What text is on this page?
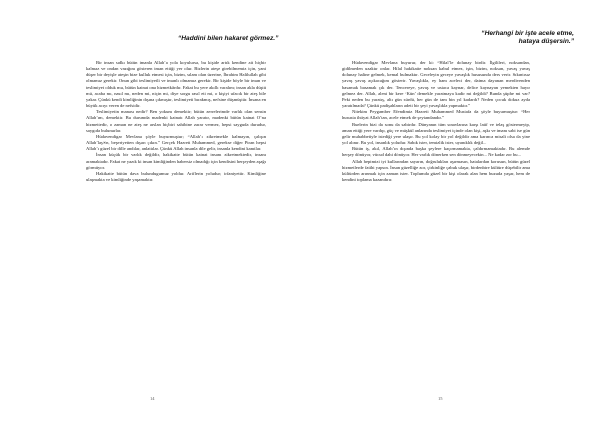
“Haddini bilen hakaret görmez.”

Bir insan sıdkı bütün imanla Allah’a yola koyulursa, bu kişide artık kendine ait hiçbir kalmaz ve ondan vazığını gösteren iman ettiği yer olur. Bizlerin ateşe girebilmemiz için, yani düşer bir deyişle ateşin bize kulluk etmesi için, bizim, sılam olan üzerine, İbrahim Halilullah gibi olmamız gerekir. Onun gibi teslimiyetli ve imanlı olmamız gerekir. Bir kişide böyle bir iman ve teslimiyet olduk mu, bütün kainat ona hizmetkârdır. Fakat bu yere akıllı varalım; insan akla düştü mü, acaba mı, nasıl mı, neden mi, niçin mi, diye sorgu rasıl eti mi, o kişiyi ufacık bir ateş bile yakar. Çünkü kendi kimliğinin dışına çıkmıştır, teslimiyeti bırakmış, nefsine düşmüştür. İnsana en büyük acıyı veren de nefsidir.

Teslimiyetin manası nedir? Ben yokum demektir; bütün zerrelerimde varlık olan sensin Allah’ım, demektir. Bu durumda madenki kainatı Allah yaratır, madenki bütün kainat O’na hizmettedir, o zaman ne ateş ne arslan hiçbiri sahibine zarar vermez, hepsi sayguda durudur, saygıda bulunurlar.

Hüdavendigar Mevlana şöyle buyurmuştur; “Allah’ı zikretmekle kalmayın, çalışın Allah’laş∞n, beşeriyetten dışarı çıkın.” Gerçek Hazreti Muhammed, gerekse diğer Piran hepsi Allah’ı güzel bir dille andılar, anlattılar. Çünkü Allah insanla dile gelir, insanla kendini kanıtlar.

İnsan küçük bir varlık değildir, hakikatte bütün kainat insanı zikretmektedir, insanı aramaktadır. Fakat ne yazık ki insan kimliğinden habersiz olmadığı için kendisini herşeyden aşağı görmüyor.

Hakikatte bütün dava bulundugumuz yoldur. Ariflerin yoludur; irfaniyettir. Kimliğine ulaşmakta ve kimliğinde yaşamaktır.

14
“Herhangi bir işte acele etme,
hataya düşersin.”

Hüdavendigar Mevlana buyurur, der ki: “Hilal’le dolunay birdir. İlgilileri, noksandan, gidilmeden uzaktır onlar. Hilal hakikatte noksan kabul etmez, işin, bizim, noksan, yavaş yavaş dolunay haline gelmek, kemal bulmaktır. Geceleyin geceye yavaşlık hususunda ders verir. Sıkıntısız yavaş yavaş açıkacağım gösterir. Yavaşlıkla, ey ham aceleci der, daima dayanan merdivenden basamak basamak çık der. Tencereye, yavaş ve ustaca kaynar, delice kaynayan yemekten hayır gelmez der. Allah, aleni bir kere ‘Kün’ demekle yaratmaya kadir mi değildi? Bunda şüphe mi var? Peki neden bu yaratış, altı gün sürdü, her gün de tam bin yıl kadardı? Neden çocuk dokuz ayda yaratılmada? Çünkü padişahların adeti bir şeyi yavaşlıkla yapmaktır.”

Nitekim Peygamber Efendimiz Hazreti Muhammed Mustafa da şöyle buyurmuştur: “Her hususta ihtiyat Allah’tan, acele etmek de şeytandandır.”

Buelerin bizi da sonu da sabirdır. Dünyanın tüm sınavlarına karşı latif ve telaş göstermeyip, aman ettiği yere vardıp, güç ve müşkül anlarında teslimiyet içinde olan kişi, aşkı ve imanı sabi ise gün gelir muhabbetiyle istediği yere ulaşır. Bu yol kolay bir yol değildir ama karınca misali olsa da yine yol alınır. Bu yol, insanlık yoludur. Sabık ister, temizlik ister, uyanıklık değil...

Bütün iş, akıl, Allah’ın dışında başka şeylere kaçırmamakta, çaldırmamaktadır. Bu alemde herşey dönüyor, vücud dahi dönüyor. Her varlık dönerken sen dönmeyecekin... Ne kadar zor bu...

Allah hepimizi iyi kullarından sayarın, doğrulukları aşırmasın, hatalardan korusun, bütün güzel hizmetlerde fatihi yapsın. İnsan güzelliğe zor, çirkinliğe çabuk ulaşır, birdenbire kültüre düşebilir ama kültürden arınmak için zaman ister. Toplumda güzel bir kişi olarak alan hem buzuda yaşar, hem de kendini toplama kazandırır.

15
